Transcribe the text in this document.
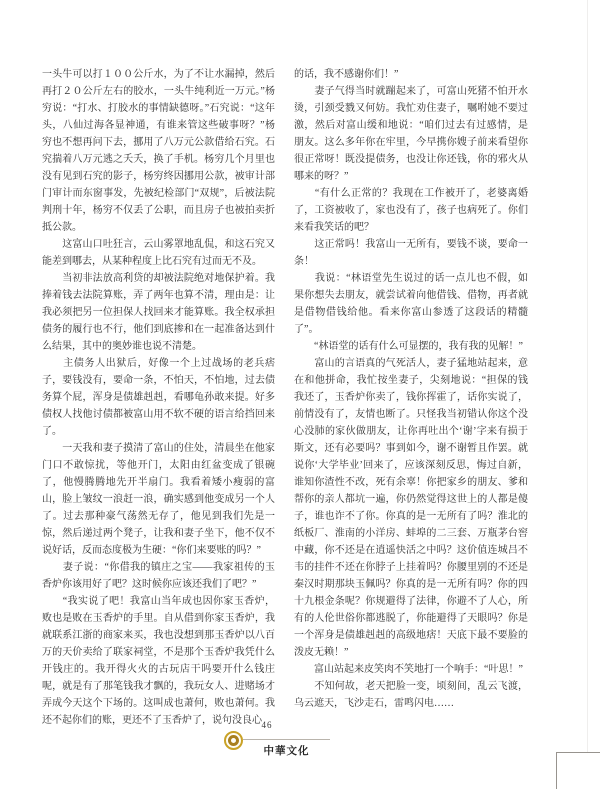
一头牛可以打１００公斤水，为了不让水漏掉，然后再打２０公斤左右的胶水，一头牛纯利近一万元。”杨穷说：“打水、打胶水的事情缺德呀。”石究说：“这年头，八仙过海各显神通，有谁来管这些破事呀？”杨穷也不想再问下去，挪用了八万元公款借给石究。石究揣着八万元逃之夭夭，换了手机。杨穷几个月里也没有见到石究的影子，杨穷终因挪用公款，被审计部门审计而东窗事发，先被纪检部门“双规”，后被法院判刑十年，杨穷不仅丢了公职，而且房子也被拍卖折抵公款。

　　这富山口吐狂言，云山雾罩地乱侃，和这石究又能差到哪去，从某种程度上比石究有过而无不及。

　　当初非法放高利贷的却被法院绝对地保护着。我捧着钱去法院算账，弄了两年也算不清，理由是：让我必须把另一位担保人找回来才能算账。我全权承担债务的履行也不行，他们到底掺和在一起准备达到什么结果，其中的奥妙谁也说不清楚。

　　主债务人出狱后，好像一个上过战场的老兵痞子，要钱没有，要命一条，不怕天，不怕地，过去债务算个屁，浑身是债雄赳赳，看哪龟孙敢来提。好多债权人找他讨债都被富山用不软不硬的语言给挡回来了。

　　一天我和妻子摸清了富山的住处，清晨坐在他家门口不敢惊扰，等他开门，太阳由红盆变成了银碗了，他慢腾腾地先开半扇门。我看着矮小瘦弱的富山，脸上皱纹一浪赶一浪，确实感到他变成另一个人了。过去那种豪气荡然无存了，他见到我们先是一惊，然后递过两个凳子，让我和妻子坐下，他不仅不说好话，反而态度极为生硬：“你们来要账的吗？”

　　妻子说：“你借我的镇庄之宝——我家祖传的玉香炉你该用好了吧？这时候你应该还我们了吧？”

　　“我实说了吧！我富山当年成也因你家玉香炉，败也是败在玉香炉的手里。自从借到你家玉香炉，我就联系江浙的商家来买，我也没想到那玉香炉以八百万的天价卖给了联家祠堂，不是那个玉香炉我凭什么开钱庄的。我开得火火的古玩店干吗要开什么钱庄呢，就是有了那笔钱我才飘的，我玩女人、进赌场才弄成今天这个下场的。这叫成也萧何，败也萧何。我还不起你们的账，更还不了玉香炉了，说句没良心

的话，我不感谢你们！”

　　妻子气得当时就蹦起来了，可富山死猪不怕开水烫，引颈受戮又何妨。我忙劝住妻子，嘱咐她不要过激，然后对富山缓和地说：“咱们过去有过感情，是朋友。这么多年你在牢里，今早携你嫂子前来看望你很正常呀！既没提债务，也没让你还钱，你的邪火从哪来的呀？”

　　“有什么正常的？我现在工作被开了，老婆离婚了，工资被收了，家也没有了，孩子也病死了。你们来看我笑话的吧？

　　这正常吗！我富山一无所有，要钱不谈，要命一条！

　　我说：“林语堂先生说过的话一点儿也不假，如果你想失去朋友，就尝试着向他借钱、借物，再者就是借物借钱给他。看来你富山参透了这段话的精髓了”。

　　“林语堂的话有什么可显摆的，我有我的见解！”

　　富山的言语真的气死活人，妻子猛地站起来，意在和他拼命，我忙按坐妻子，尖刻地说：“担保的钱我还了，玉香炉你卖了，钱你挥霍了，话你实说了，前情没有了，友情也断了。只怪我当初错认你这个没心没肺的家伙做朋友，让你再吐出个‘谢’字来有损于斯文，还有必要吗？事到如今，谢不谢暂且作罢。就说你‘大学毕业’回来了，应该深刻反思，悔过自新，谁知你渣性不改，死有余辜！你把家乡的朋友、爹和帮你的亲人都坑一遍，你仍然觉得这世上的人都是傻子，谁也诈不了你。你真的是一无所有了吗？淮北的纸板厂、淮南的小洋房、蚌埠的二三套、万瓶茅台窖中藏，你不还是在逍遥快活之中吗？这价值连城吕不韦的挂件不还在你脖子上挂着吗？你腰里别的不还是秦汉时期那块玉佩吗？你真的是一无所有吗？你的四十九根金条呢？你规避得了法律，你避不了人心，所有的人伦世俗你都逃脱了，你能避得了天眼吗？你是一个浑身是债雄赳赳的高级地痞！天底下最不要脸的泼皮无赖！”

　　富山站起来皮笑肉不笑地打一个响手：“叶思！”

　　不知何故，老天把脸一变，顷刻间，乱云飞渡，乌云遮天，飞沙走石，雷鸣闪电……

46
中華文化
